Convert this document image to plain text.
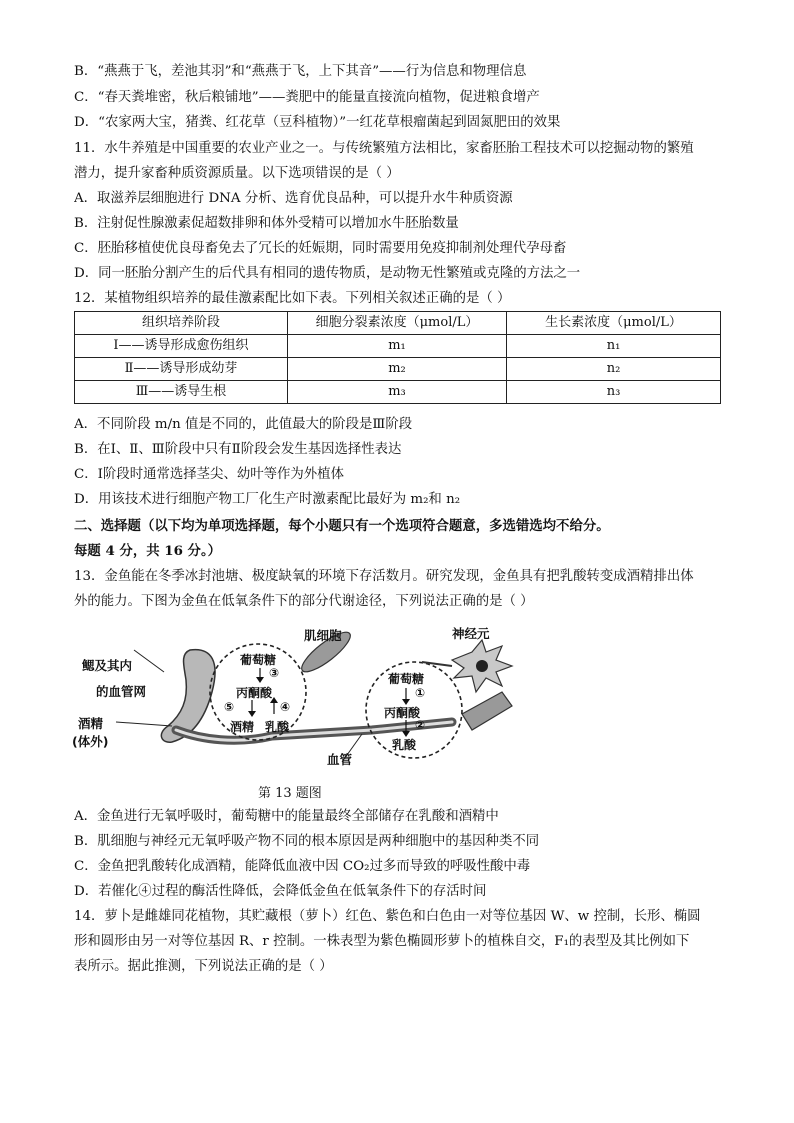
B．“燕燕于飞，差池其羽”和“燕燕于飞，上下其音”——行为信息和物理信息
C．“春天粪堆密，秋后粮铺地”——粪肥中的能量直接流向植物，促进粮食增产
D．“农家两大宝，猪粪、红花草（豆科植物）”一红花草根瘤菌起到固氮肥田的效果
11．水牛养殖是中国重要的农业产业之一。与传统繁殖方法相比，家畜胚胎工程技术可以挖掘动物的繁殖
潜力，提升家畜种质资源质量。以下选项错误的是（ ）
A．取滋养层细胞进行 DNA 分析、选育优良品种，可以提升水牛种质资源
B．注射促性腺激素促超数排卵和体外受精可以增加水牛胚胎数量
C．胚胎移植使优良母畜免去了冗长的妊娠期，同时需要用免疫抑制剂处理代孕母畜
D．同一胚胎分割产生的后代具有相同的遗传物质，是动物无性繁殖或克隆的方法之一
12．某植物组织培养的最佳激素配比如下表。下列相关叙述正确的是（ ）
组织培养阶段	细胞分裂素浓度（μmol/L）	生长素浓度（μmol/L）
Ⅰ——诱导形成愈伤组织	m₁	n₁
Ⅱ——诱导形成幼芽	m₂	n₂
Ⅲ——诱导生根	m₃	n₃
A．不同阶段 m/n 值是不同的，此值最大的阶段是Ⅲ阶段
B．在Ⅰ、Ⅱ、Ⅲ阶段中只有Ⅱ阶段会发生基因选择性表达
C．Ⅰ阶段时通常选择茎尖、幼叶等作为外植体
D．用该技术进行细胞产物工厂化生产时激素配比最好为 m₂和 n₂
二、选择题（以下均为单项选择题，每个小题只有一个选项符合题意，多选错选均不给分。
每题 4 分，共 16 分。）
13．金鱼能在冬季冰封池塘、极度缺氧的环境下存活数月。研究发现，金鱼具有把乳酸转变成酒精排出体
外的能力。下图为金鱼在低氧条件下的部分代谢途径，下列说法正确的是（ ）
鳃及其内
的血管网
酒精
(体外)
肌细胞	神经元
血管
葡萄糖
③
丙酮酸
⑤	④
酒精 乳酸
葡萄糖
①
丙酮酸
②
乳酸
第 13 题图
A．金鱼进行无氧呼吸时，葡萄糖中的能量最终全部储存在乳酸和酒精中
B．肌细胞与神经元无氧呼吸产物不同的根本原因是两种细胞中的基因种类不同
C．金鱼把乳酸转化成酒精，能降低血液中因 CO₂过多而导致的呼吸性酸中毒
D．若催化④过程的酶活性降低，会降低金鱼在低氧条件下的存活时间
14．萝卜是雌雄同花植物，其贮藏根（萝卜）红色、紫色和白色由一对等位基因 W、w 控制，长形、椭圆
形和圆形由另一对等位基因 R、r 控制。一株表型为紫色椭圆形萝卜的植株自交，F₁的表型及其比例如下
表所示。据此推测，下列说法正确的是（ ）
